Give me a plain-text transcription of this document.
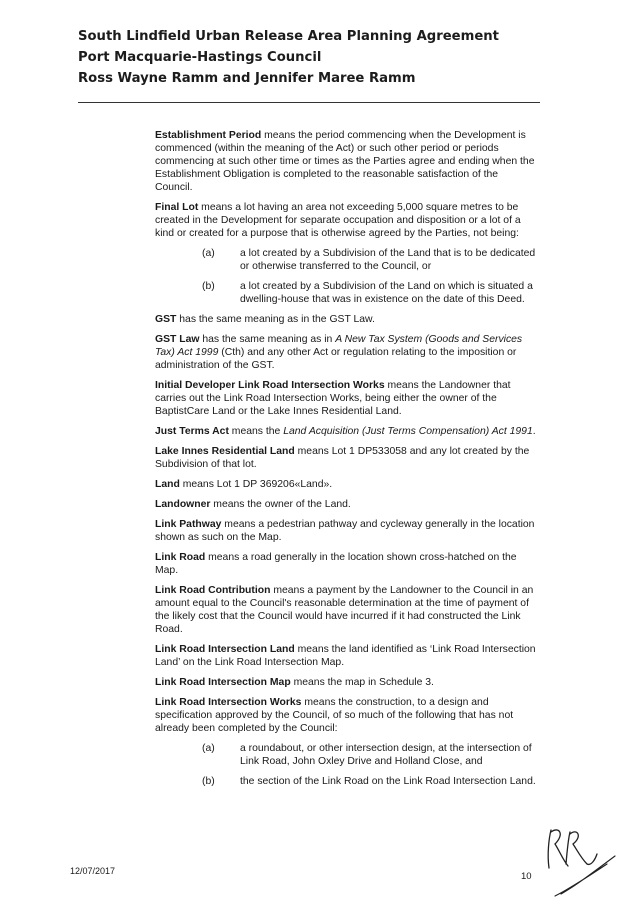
South Lindfield Urban Release Area Planning Agreement
Port Macquarie-Hastings Council
Ross Wayne Ramm and Jennifer Maree Ramm

Establishment Period means the period commencing when the Development is commenced (within the meaning of the Act) or such other period or periods commencing at such other time or times as the Parties agree and ending when the Establishment Obligation is completed to the reasonable satisfaction of the Council.

Final Lot means a lot having an area not exceeding 5,000 square metres to be created in the Development for separate occupation and disposition or a lot of a kind or created for a purpose that is otherwise agreed by the Parties, not being:

(a)	a lot created by a Subdivision of the Land that is to be dedicated or otherwise transferred to the Council, or
(b)	a lot created by a Subdivision of the Land on which is situated a dwelling-house that was in existence on the date of this Deed.

GST has the same meaning as in the GST Law.

GST Law has the same meaning as in A New Tax System (Goods and Services Tax) Act 1999 (Cth) and any other Act or regulation relating to the imposition or administration of the GST.

Initial Developer Link Road Intersection Works means the Landowner that carries out the Link Road Intersection Works, being either the owner of the BaptistCare Land or the Lake Innes Residential Land.

Just Terms Act means the Land Acquisition (Just Terms Compensation) Act 1991.

Lake Innes Residential Land means Lot 1 DP533058 and any lot created by the Subdivision of that lot.

Land means Lot 1 DP 369206«Land».

Landowner means the owner of the Land.

Link Pathway means a pedestrian pathway and cycleway generally in the location shown as such on the Map.

Link Road means a road generally in the location shown cross-hatched on the Map.

Link Road Contribution means a payment by the Landowner to the Council in an amount equal to the Council's reasonable determination at the time of payment of the likely cost that the Council would have incurred if it had constructed the Link Road.

Link Road Intersection Land means the land identified as ‘Link Road Intersection Land’ on the Link Road Intersection Map.

Link Road Intersection Map means the map in Schedule 3.

Link Road Intersection Works means the construction, to a design and specification approved by the Council, of so much of the following that has not already been completed by the Council:

(a)	a roundabout, or other intersection design, at the intersection of Link Road, John Oxley Drive and Holland Close, and
(b)	the section of the Link Road on the Link Road Intersection Land.
12/07/2017	10
